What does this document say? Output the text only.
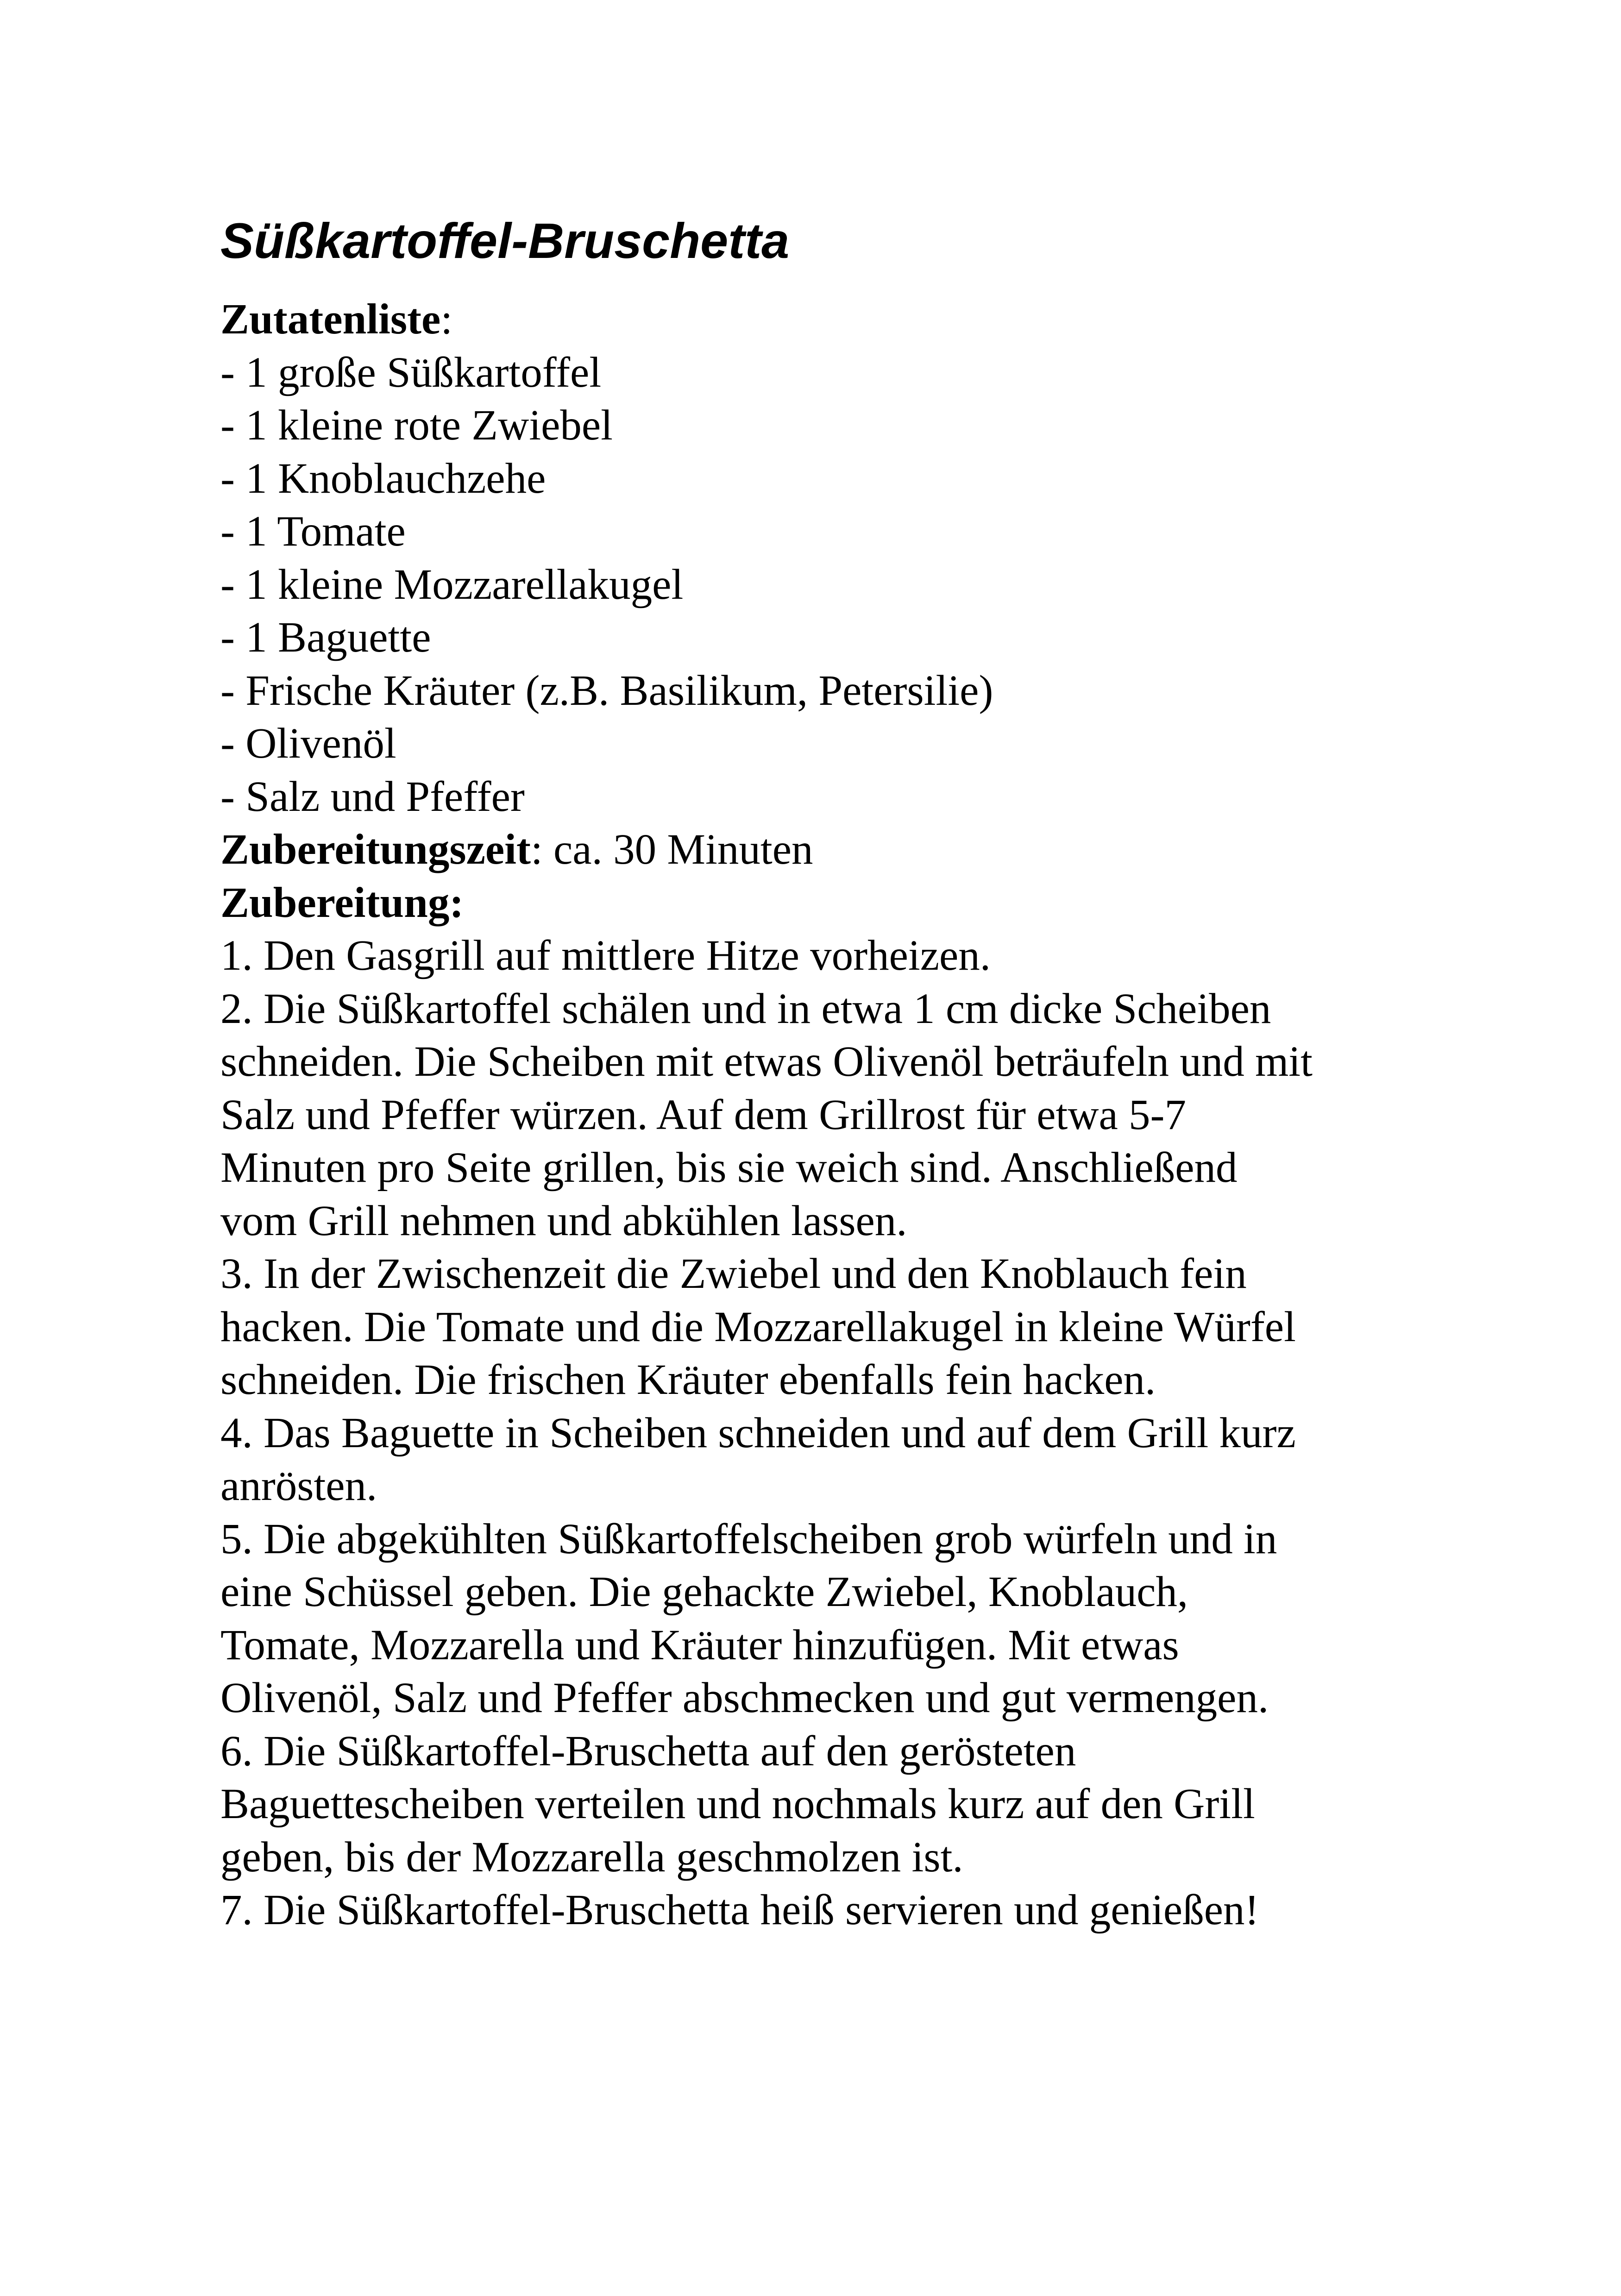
Süßkartoffel-Bruschetta
Zutatenliste:
- 1 große Süßkartoffel
- 1 kleine rote Zwiebel
- 1 Knoblauchzehe
- 1 Tomate
- 1 kleine Mozzarellakugel
- 1 Baguette
- Frische Kräuter (z.B. Basilikum, Petersilie)
- Olivenöl
- Salz und Pfeffer
Zubereitungszeit: ca. 30 Minuten
Zubereitung:
1. Den Gasgrill auf mittlere Hitze vorheizen.
2. Die Süßkartoffel schälen und in etwa 1 cm dicke Scheiben
schneiden. Die Scheiben mit etwas Olivenöl beträufeln und mit
Salz und Pfeffer würzen. Auf dem Grillrost für etwa 5-7
Minuten pro Seite grillen, bis sie weich sind. Anschließend
vom Grill nehmen und abkühlen lassen.
3. In der Zwischenzeit die Zwiebel und den Knoblauch fein
hacken. Die Tomate und die Mozzarellakugel in kleine Würfel
schneiden. Die frischen Kräuter ebenfalls fein hacken.
4. Das Baguette in Scheiben schneiden und auf dem Grill kurz
anrösten.
5. Die abgekühlten Süßkartoffelscheiben grob würfeln und in
eine Schüssel geben. Die gehackte Zwiebel, Knoblauch,
Tomate, Mozzarella und Kräuter hinzufügen. Mit etwas
Olivenöl, Salz und Pfeffer abschmecken und gut vermengen.
6. Die Süßkartoffel-Bruschetta auf den gerösteten
Baguettescheiben verteilen und nochmals kurz auf den Grill
geben, bis der Mozzarella geschmolzen ist.
7. Die Süßkartoffel-Bruschetta heiß servieren und genießen!
